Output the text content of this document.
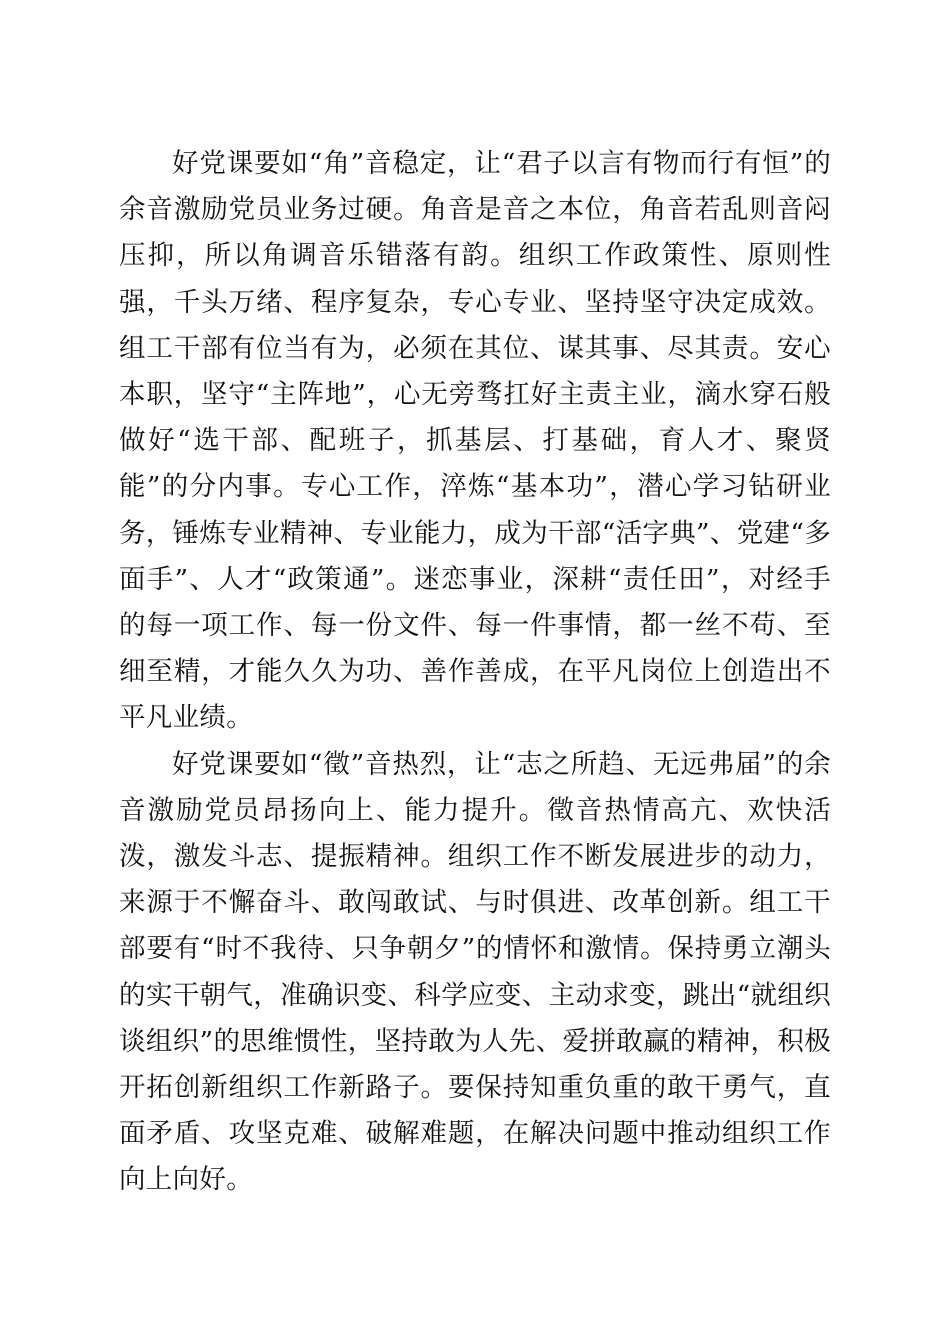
好党课要如“角”音稳定，让“君子以言有物而行有恒”的余音激励党员业务过硬。角音是音之本位，角音若乱则音闷压抑，所以角调音乐错落有韵。组织工作政策性、原则性强，千头万绪、程序复杂，专心专业、坚持坚守决定成效。组工干部有位当有为，必须在其位、谋其事、尽其责。安心本职，坚守“主阵地”，心无旁骛扛好主责主业，滴水穿石般做好“选干部、配班子，抓基层、打基础，育人才、聚贤能”的分内事。专心工作，淬炼“基本功”，潜心学习钻研业务，锤炼专业精神、专业能力，成为干部“活字典”、党建“多面手”、人才“政策通”。迷恋事业，深耕“责任田”，对经手的每一项工作、每一份文件、每一件事情，都一丝不苟、至细至精，才能久久为功、善作善成，在平凡岗位上创造出不平凡业绩。

好党课要如“徵”音热烈，让“志之所趋、无远弗届”的余音激励党员昂扬向上、能力提升。徵音热情高亢、欢快活泼，激发斗志、提振精神。组织工作不断发展进步的动力，来源于不懈奋斗、敢闯敢试、与时俱进、改革创新。组工干部要有“时不我待、只争朝夕”的情怀和激情。保持勇立潮头的实干朝气，准确识变、科学应变、主动求变，跳出“就组织谈组织”的思维惯性，坚持敢为人先、爱拼敢赢的精神，积极开拓创新组织工作新路子。要保持知重负重的敢干勇气，直面矛盾、攻坚克难、破解难题，在解决问题中推动组织工作向上向好。
